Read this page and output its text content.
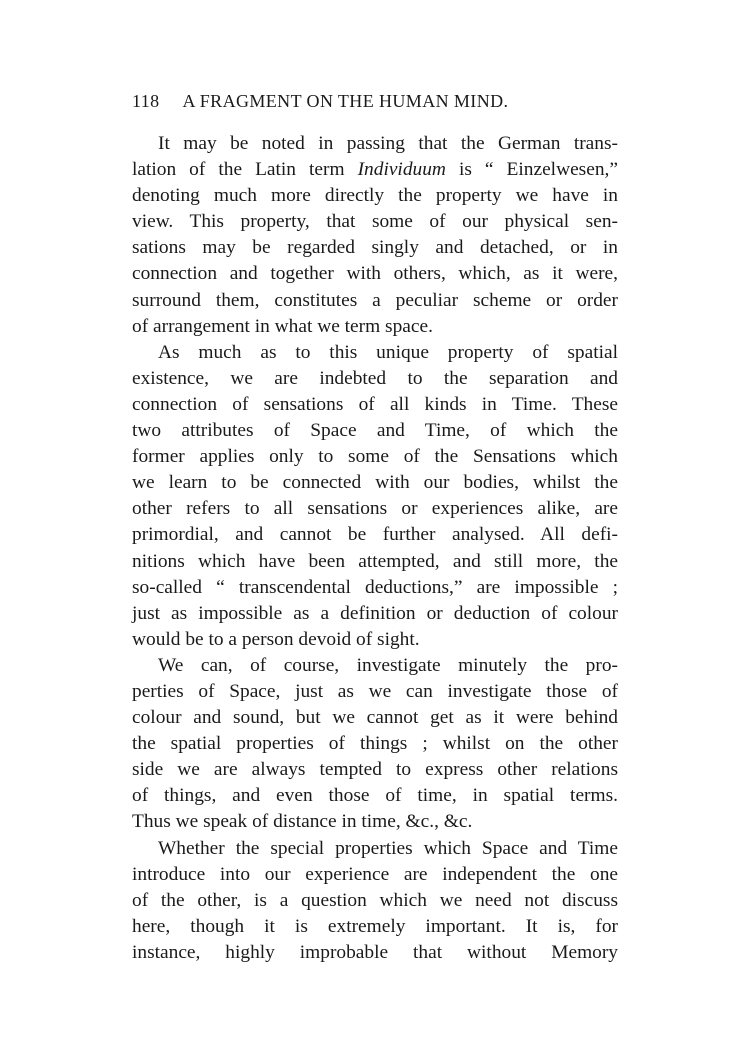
118 A FRAGMENT ON THE HUMAN MIND.
It may be noted in passing that the German trans-
lation of the Latin term Individuum is “ Einzelwesen,”
denoting much more directly the property we have in
view. This property, that some of our physical sen-
sations may be regarded singly and detached, or in
connection and together with others, which, as it were,
surround them, constitutes a peculiar scheme or order
of arrangement in what we term space.
As much as to this unique property of spatial
existence, we are indebted to the separation and
connection of sensations of all kinds in Time. These
two attributes of Space and Time, of which the
former applies only to some of the Sensations which
we learn to be connected with our bodies, whilst the
other refers to all sensations or experiences alike, are
primordial, and cannot be further analysed. All defi-
nitions which have been attempted, and still more, the
so-called “ transcendental deductions,” are impossible ;
just as impossible as a definition or deduction of colour
would be to a person devoid of sight.
We can, of course, investigate minutely the pro-
perties of Space, just as we can investigate those of
colour and sound, but we cannot get as it were behind
the spatial properties of things ; whilst on the other
side we are always tempted to express other relations
of things, and even those of time, in spatial terms.
Thus we speak of distance in time, &c., &c.
Whether the special properties which Space and Time
introduce into our experience are independent the one
of the other, is a question which we need not discuss
here, though it is extremely important. It is, for
instance, highly improbable that without Memory
